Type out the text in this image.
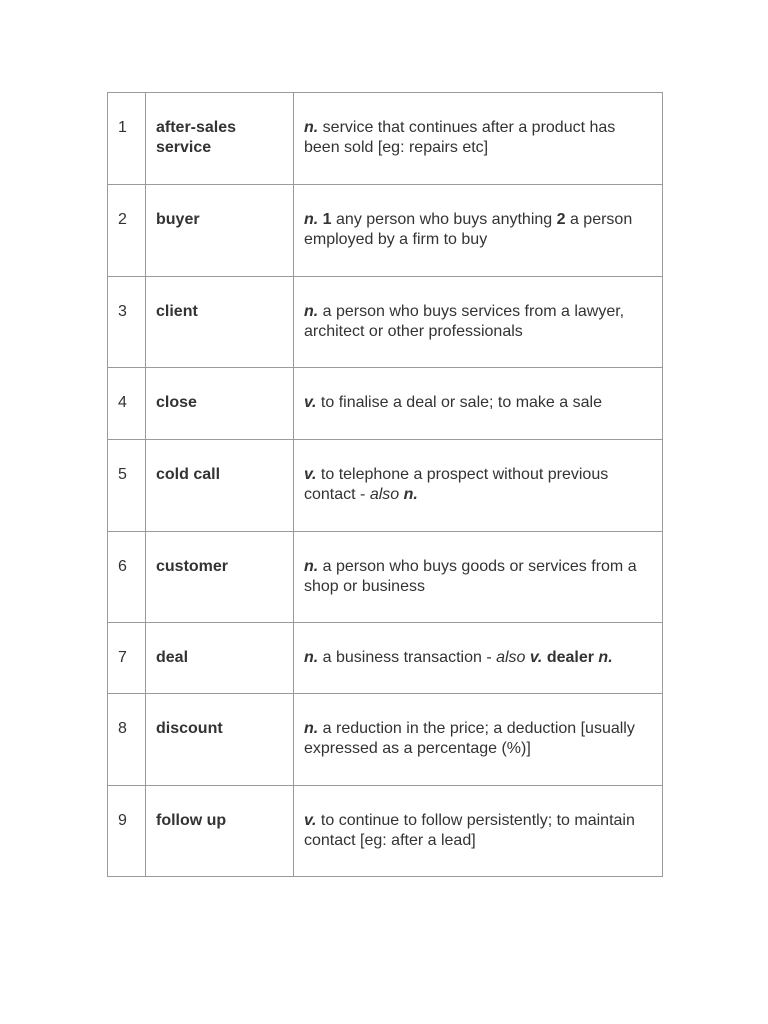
1	after-sales service	n. service that continues after a product has been sold [eg: repairs etc]
2	buyer	n. 1 any person who buys anything 2 a person employed by a firm to buy
3	client	n. a person who buys services from a lawyer, architect or other professionals
4	close	v. to finalise a deal or sale; to make a sale
5	cold call	v. to telephone a prospect without previous contact - also n.
6	customer	n. a person who buys goods or services from a shop or business
7	deal	n. a business transaction - also v. dealer n.
8	discount	n. a reduction in the price; a deduction [usually expressed as a percentage (%)]
9	follow up	v. to continue to follow persistently; to maintain contact [eg: after a lead]
